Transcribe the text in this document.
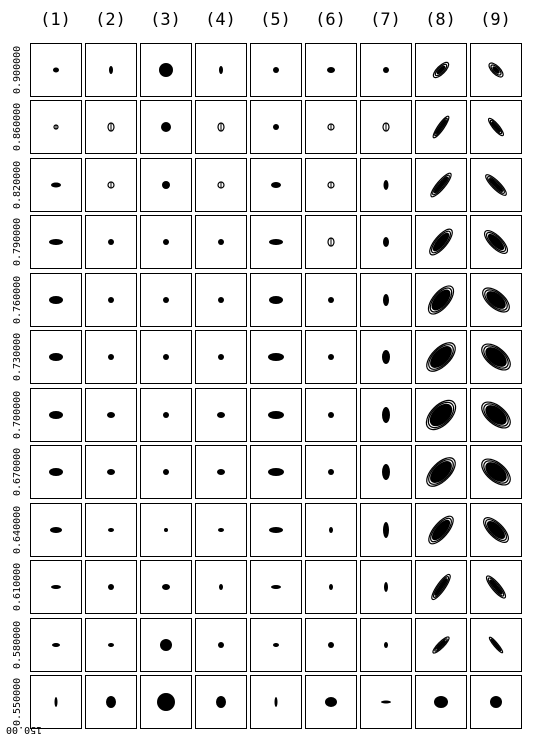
(1)	(2)	(3)	(4)	(5)	(6)	(7)	(8)	(9)
0.900000
0.860000
0.820000
0.790000
0.760000
0.730000
0.700000
0.670000
0.640000
0.610000
0.580000
0.550000
150.00
